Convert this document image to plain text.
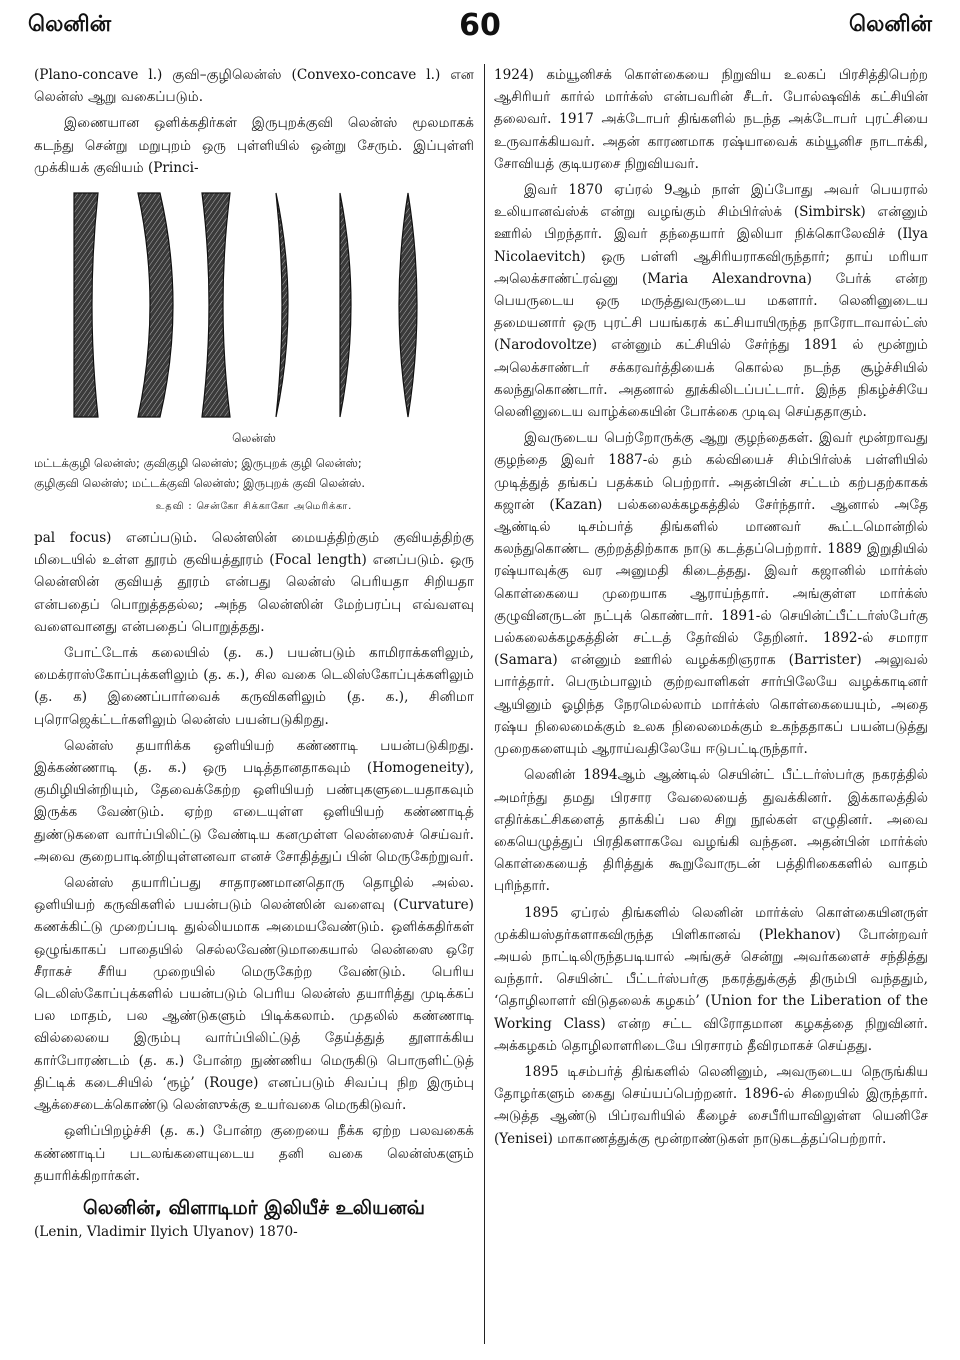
லெனின்	60	லெனின்

(Plano-concave l.) குவி–குழிலென்ஸ் (Convexo-concave l.) என லென்ஸ் ஆறு வகைப்படும்.

இணையான ஒளிக்கதிர்கள் இருபுறக்குவி லென்ஸ் மூலமாகக் கடந்து சென்று மறுபுறம் ஒரு புள்ளியில் ஒன்று சேரும். இப்புள்ளி முக்கியக் குவியம் (Princi-

லென்ஸ்
மட்டக்குழி லென்ஸ்; குவிகுழி லென்ஸ்; இருபுறக் குழி லென்ஸ்;
குழிகுவி லென்ஸ்; மட்டக்குவி லென்ஸ்; இருபுறக் குவி லென்ஸ்.
உதவி : சென்கோ சிக்காகோ அமெரிக்கா.

pal focus) எனப்படும். லென்ஸின் மையத்திற்கும் குவியத்திற்கு மிடையில் உள்ள தூரம் குவியத்தூரம் (Focal length) எனப்படும். ஒரு லென்ஸின் குவியத் தூரம் என்பது லென்ஸ் பெரியதா சிறியதா என்பதைப் பொறுத்ததல்ல; அந்த லென்ஸின் மேற்பரப்பு எவ்வளவு வளைவானது என்பதைப் பொறுத்தது.

போட்டோக் கலையில் (த. க.) பயன்படும் காமிராக்களிலும், மைக்ராஸ்கோப்புக்களிலும் (த. க.), சில வகை டெலிஸ்கோப்புக்களிலும் (த. க) இணைப்பார்வைக் கருவிகளிலும் (த. க.), சினிமா புரொஜெக்ட்டர்களிலும் லென்ஸ் பயன்படுகிறது.

லென்ஸ் தயாரிக்க ஒளியியற் கண்ணாடி பயன்படுகிறது. இக்கண்ணாடி (த. க.) ஒரு படித்தானதாகவும் (Homogeneity), குமிழியின்றியும், தேவைக்கேற்ற ஒளியியற் பண்புகளுடையதாகவும் இருக்க வேண்டும். ஏற்ற எடையுள்ள ஒளியியற் கண்ணாடித் துண்டுகளை வார்ப்பிலிட்டு வேண்டிய கனமுள்ள லென்ஸைச் செய்வர். அவை குறைபாடின்றியுள்ளனவா எனச் சோதித்துப் பின் மெருகேற்றுவர்.

லென்ஸ் தயாரிப்பது சாதாரணமானதொரு தொழில் அல்ல. ஒளியியற் கருவிகளில் பயன்படும் லென்ஸின் வளைவு (Curvature) கணக்கிட்டு முறைப்படி துல்லியமாக அமையவேண்டும். ஒளிக்கதிர்கள் ஒழுங்காகப் பாதையில் செல்லவேண்டுமாகையால் லென்ஸை ஒரே சீராகச் சீரிய முறையில் மெருகேற்ற வேண்டும். பெரிய டெலிஸ்கோப்புக்களில் பயன்படும் பெரிய லென்ஸ் தயாரித்து முடிக்கப் பல மாதம், பல ஆண்டுகளும் பிடிக்கலாம். முதலில் கண்ணாடி வில்லையை இரும்பு வார்ப்பிலிட்டுத் தேய்த்துத் தூளாக்கிய கார்போரண்டம் (த. க.) போன்ற நுண்ணிய மெருகிடு பொருளிட்டுத் திட்டிக் கடைசியில் ‘ரூழ்’ (Rouge) எனப்படும் சிவப்பு நிற இரும்பு ஆக்சைடைக்கொண்டு லென்ஸுக்கு உயர்வகை மெருகிடுவர்.

ஒளிப்பிறழ்ச்சி (த. க.) போன்ற குறையை நீக்க ஏற்ற பலவகைக் கண்ணாடிப் படலங்களையுடைய தனி வகை லென்ஸ்களும் தயாரிக்கிறார்கள்.

லெனின், விளாடிமர் இலியீச் உலியனவ்

(Lenin, Vladimir Ilyich Ulyanov) 1870-

1924) கம்யூனிசக் கொள்கையை நிறுவிய உலகப் பிரசித்திபெற்ற ஆசிரியர் கார்ல் மார்க்ஸ் என்பவரின் சீடர். போல்ஷவிக் கட்சியின் தலைவர். 1917 அக்டோபர் திங்களில் நடந்த அக்டோபர் புரட்சியை உருவாக்கியவர். அதன் காரணமாக ரஷ்யாவைக் கம்யூனிச நாடாக்கி, சோவியத் குடியரசை நிறுவியவர்.

இவர் 1870 ஏப்ரல் 9ஆம் நாள் இப்போது அவர் பெயரால் உலியானவ்ஸ்க் என்று வழங்கும் சிம்பிர்ஸ்க் (Simbirsk) என்னும் ஊரில் பிறந்தார். இவர் தந்தையார் இலியா நிக்கொலேவிச் (Ilya Nicolaevitch) ஒரு பள்ளி ஆசிரியராகவிருந்தார்; தாய் மரியா அலெக்சாண்ட்ரவ்னு (Maria Alexandrovna) பேர்க் என்ற பெயருடைய ஒரு மருத்துவருடைய மகளார். லெனினுடைய தமையனார் ஒரு புரட்சி பயங்கரக் கட்சியாயிருந்த நாரோடாவால்ட்ஸ் (Narodovoltze) என்னும் கட்சியில் சேர்ந்து 1891 ல் மூன்றும் அலெக்சாண்டர் சக்கரவர்த்தியைக் கொல்ல நடந்த சூழ்ச்சியில் கலந்துகொண்டார். அதனால் தூக்கிலிடப்பட்டார். இந்த நிகழ்ச்சியே லெனினுடைய வாழ்க்கையின் போக்கை முடிவு செய்ததாகும்.

இவருடைய பெற்றோருக்கு ஆறு குழந்தைகள். இவர் மூன்றாவது குழந்தை இவர் 1887-ல் தம் கல்வியைச் சிம்பிர்ஸ்க் பள்ளியில் முடித்துத் தங்கப் பதக்கம் பெற்றார். அதன்பின் சட்டம் கற்பதற்காகக் கஜான் (Kazan) பல்கலைக்கழகத்தில் சேர்ந்தார். ஆனால் அதே ஆண்டில் டிசம்பர்த் திங்களில் மாணவர் கூட்டமொன்றில் கலந்துகொண்ட குற்றத்திற்காக நாடு கடத்தப்பெற்றார். 1889 இறுதியில் ரஷ்யாவுக்கு வர அனுமதி கிடைத்தது. இவர் கஜானில் மார்க்ஸ் கொள்கையை முறையாக ஆராய்ந்தார். அங்குள்ள மார்க்ஸ் குழுவினருடன் நட்புக் கொண்டார். 1891-ல் செயின்ட்பீட்டர்ஸ்பேர்கு பல்கலைக்கழகத்தின் சட்டத் தேர்வில் தேறினர். 1892-ல் சமாரா (Samara) என்னும் ஊரில் வழக்கறிஞராக (Barrister) அலுவல் பார்த்தார். பெரும்பாலும் குற்றவாளிகள் சார்பிலேயே வழக்காடினர் ஆயினும் ஓழிந்த நேரமெல்லாம் மார்க்ஸ் கொள்கையையும், அதை ரஷ்ய நிலைமைக்கும் உலக நிலைமைக்கும் உகந்ததாகப் பயன்படுத்து முறைகளையும் ஆராய்வதிலேயே ஈடுபட்டிருந்தார்.

லெனின் 1894ஆம் ஆண்டில் செயின்ட் பீட்டர்ஸ்பர்கு நகரத்தில் அமர்ந்து தமது பிரசார வேலையைத் துவக்கினர். இக்காலத்தில் எதிர்க்கட்சிகளைத் தாக்கிப் பல சிறு நூல்கள் எழுதினர். அவை கையெழுத்துப் பிரதிகளாகவே வழங்கி வந்தன. அதன்பின் மார்க்ஸ் கொள்கையைத் திரித்துக் கூறுவோருடன் பத்திரிகைகளில் வாதம் புரிந்தார்.

1895 ஏப்ரல் திங்களில் லெனின் மார்க்ஸ் கொள்கையினருள் முக்கியஸ்தர்களாகவிருந்த பிளிகானவ் (Plekhanov) போன்றவர் அயல் நாட்டிலிருந்தபடியால் அங்குச் சென்று அவர்களைச் சந்தித்து வந்தார். செயின்ட் பீட்டர்ஸ்பர்கு நகரத்துக்குத் திரும்பி வந்ததும், ‘தொழிலாளர் விடுதலைக் கழகம்’ (Union for the Liberation of the Working Class) என்ற சட்ட விரோதமான கழகத்தை நிறுவினர். அக்கழகம் தொழிலாளரிடையே பிரசாரம் தீவிரமாகச் செய்தது.

1895 டிசம்பர்த் திங்களில் லெனினும், அவருடைய நெருங்கிய தோழர்களும் கைது செய்யப்பெற்றனர். 1896-ல் சிறையில் இருந்தார். அடுத்த ஆண்டு பிப்ரவரியில் கீழைச் சைபீரியாவிலுள்ள யெனிசே (Yenisei) மாகாணத்துக்கு மூன்றாண்டுகள் நாடுகடத்தப்பெற்றார்.
